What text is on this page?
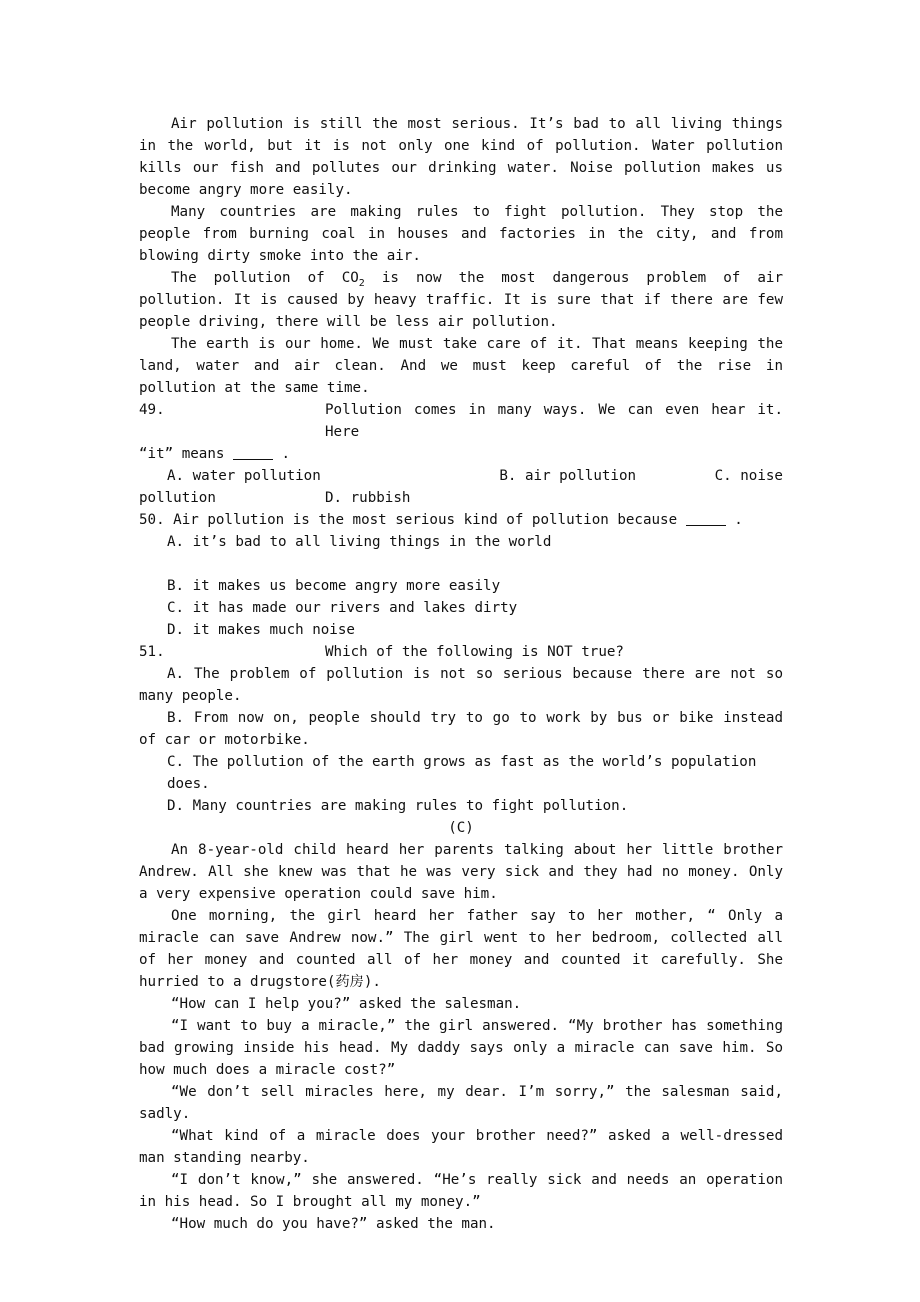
Air pollution is still the most serious. It’s bad to all living things in the world, but it is not only one kind of pollution. Water pollution kills our fish and pollutes our drinking water. Noise pollution makes us become angry more easily.

Many countries are making rules to fight pollution. They stop the people from burning coal in houses and factories in the city, and from blowing dirty smoke into the air.

The pollution of $CO_2$ is now the most dangerous problem of air pollution. It is caused by heavy traffic. It is sure that if there are few people driving, there will be less air pollution.

The earth is our home. We must take care of it. That means keeping the land, water and air clean. And we must keep careful of the rise in pollution at the same time.

49.	Pollution comes in many ways. We can even hear it. Here

“it” means	.

A. water pollution	B. air pollution	C. noise

pollution	D. rubbish

50. Air pollution is the most serious kind of pollution because	.

A. it’s bad to all living things in the world

B. it makes us become angry more easily

C. it has made our rivers and lakes dirty

D. it makes much noise

51.	Which of the following is NOT true?

A. The problem of pollution is not so serious because there are not so many people.

B. From now on, people should try to go to work by bus or bike instead of car or motorbike.

C. The pollution of the earth grows as fast as the world’s population does.

D. Many countries are making rules to fight pollution.

(C)

An 8-year-old child heard her parents talking about her little brother Andrew. All she knew was that he was very sick and they had no money. Only a very expensive operation could save him.

One morning, the girl heard her father say to her mother, “ Only a miracle can save Andrew now.” The girl went to her bedroom, collected all of her money and counted all of her money and counted it carefully. She hurried to a drugstore(药房).

“How can I help you?” asked the salesman.

“I want to buy a miracle,” the girl answered. “My brother has something bad growing inside his head. My daddy says only a miracle can save him. So how much does a miracle cost?”

“We don’t sell miracles here, my dear. I’m sorry,” the salesman said, sadly.

“What kind of a miracle does your brother need?” asked a well-dressed man standing nearby.

“I don’t know,” she answered. “He’s really sick and needs an operation in his head. So I brought all my money.”

“How much do you have?” asked the man.
